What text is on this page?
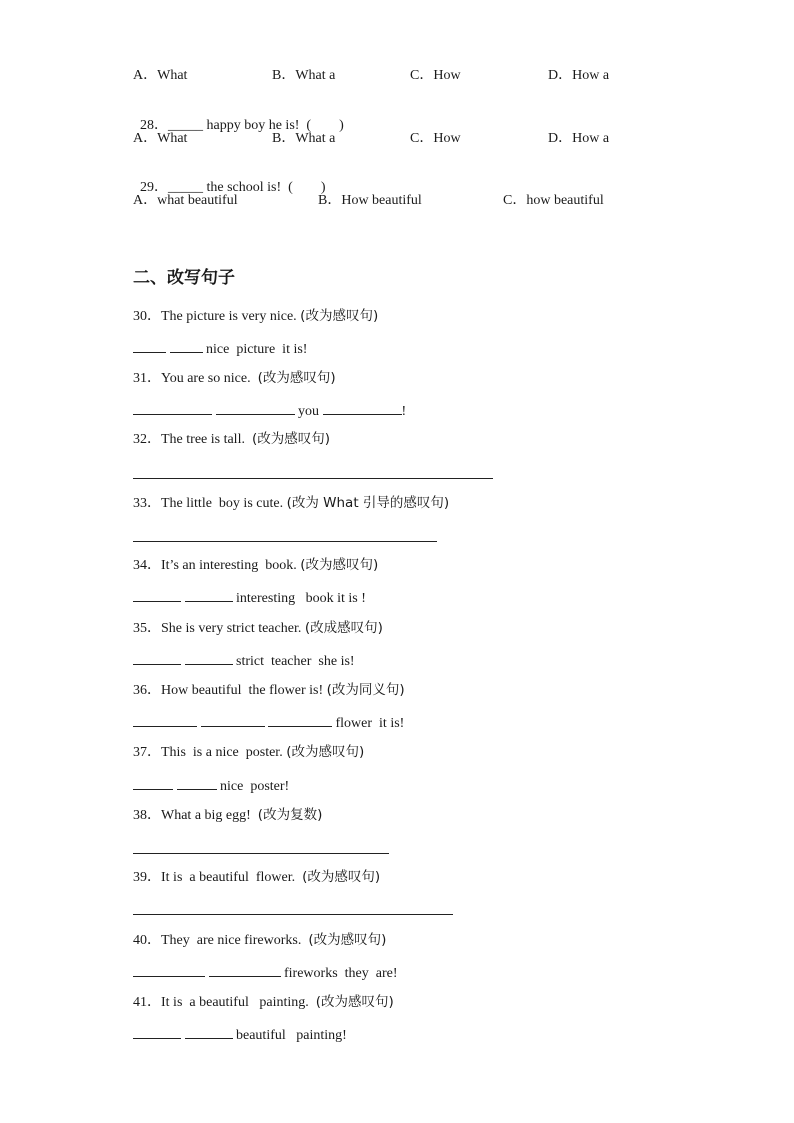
A．What	B．What a	C．How	D．How a

28．_____ happy boy he is!  (　　)

A．What	B．What a	C．How	D．How a

29．_____ the school is!  (　　)

A．what beautiful	B．How beautiful	C．how beautiful
二、改写句子
30．The picture is very nice. (改为感叹句)
nice  picture  it is!
31．You are so nice. (改为感叹句)
you	!
32．The tree is tall. (改为感叹句)
33．The little  boy is cute. (改为 What 引导的感叹句)
34．It’s an interesting  book. (改为感叹句)
interesting   book it is !
35．She is very strict teacher. (改成感叹句)
strict  teacher  she is!
36．How beautiful  the flower is! (改为同义句)
flower  it is!
37．This  is a nice  poster. (改为感叹句)
nice  poster!
38．What a big egg! (改为复数)
39．It is  a beautiful  flower. (改为感叹句)
40．They  are nice fireworks. (改为感叹句)
fireworks  they  are!
41．It is  a beautiful   painting. (改为感叹句)
beautiful   painting!
